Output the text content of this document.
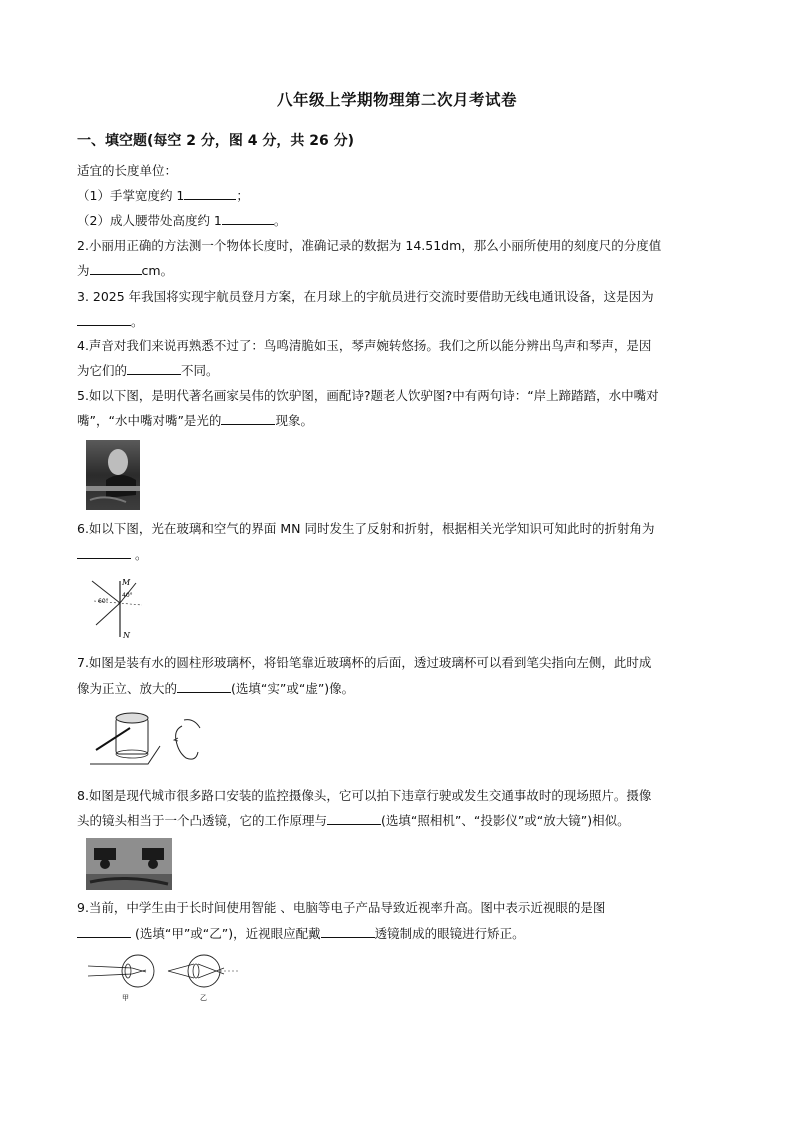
八年级上学期物理第二次月考试卷
一、填空题(每空 2 分，图 4 分，共 26 分)
适宜的长度单位：
（1）手掌宽度约 1	；
（2）成人腰带处高度约 1	。
2.小丽用正确的方法测一个物体长度时，准确记录的数据为 14.51dm，那么小丽所使用的刻度尺的分度值
为	cm。
3. 2025 年我国将实现宇航员登月方案，在月球上的宇航员进行交流时要借助无线电通讯设备，这是因为
。
4.声音对我们来说再熟悉不过了：鸟鸣清脆如玉，琴声婉转悠扬。我们之所以能分辨出鸟声和琴声，是因
为它们的	不同。
5.如以下图，是明代著名画家吴伟的饮驴图，画配诗?题老人饮驴图?中有两句诗：“岸上蹄踏踏，水中嘴对
嘴”，“水中嘴对嘴”是光的	现象。
6.如以下图，光在玻璃和空气的界面 MN 同时发生了反射和折射，根据相关光学知识可知此时的折射角为
。
M
N
60°
40°
7.如图是装有水的圆柱形玻璃杯，将铅笔靠近玻璃杯的后面，透过玻璃杯可以看到笔尖指向左侧，此时成
像为正立、放大的	(选填“实”或“虚”)像。
8.如图是现代城市很多路口安装的监控摄像头，它可以拍下违章行驶或发生交通事故时的现场照片。摄像
头的镜头相当于一个凸透镜，它的工作原理与	(选填“照相机”、“投影仪”或“放大镜”)相似。
9.当前，中学生由于长时间使用智能 、电脑等电子产品导致近视率升高。图中表示近视眼的是图
(选填“甲”或“乙”)，近视眼应配戴	透镜制成的眼镜进行矫正。
甲	乙
